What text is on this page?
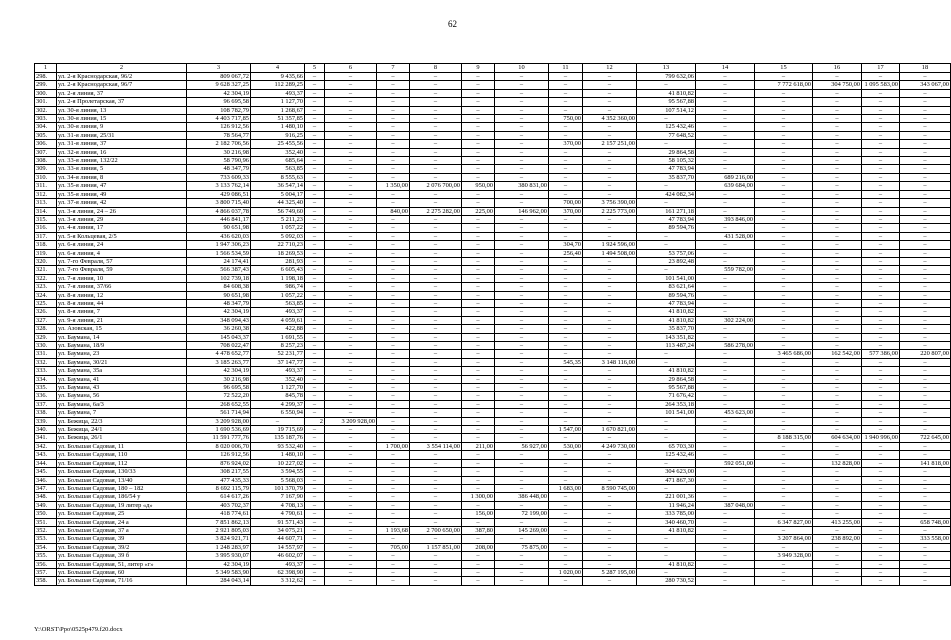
62
1	2	3	4	5	6	7	8	9	10	11	12	13	14	15	16	17	18
298.	ул. 2-я Краснодарская, 96/2	809 067,72	9 435,66	–	–	–	–	–	–	–	–	799 632,06	–	–	–	–	–
299.	ул. 2-я Краснодарская, 96/7	9 628 327,25	112 289,25	–	–	–	–	–	–	–	–	–	–	7 772 618,00	304 750,00	1 095 583,00	343 067,00
300.	ул. 2-я линия, 37	42 304,19	493,37	–	–	–	–	–	–	–	–	41 810,82	–	–	–	–	–
301.	ул. 2-я Пролетарская, 37	96 695,58	1 127,70	–	–	–	–	–	–	–	–	95 567,88	–	–	–	–	–
302.	ул. 30-я линия, 13	108 782,79	1 268,67	–	–	–	–	–	–	–	–	107 514,12	–	–	–	–	–
303.	ул. 30-я линия, 15	4 403 717,85	51 357,85	–	–	–	–	–	–	750,00	4 352 360,00	–	–	–	–	–	–
304.	ул. 30-я линия, 9	126 912,56	1 480,10	–	–	–	–	–	–	–	–	125 432,46	–	–	–	–	–
305.	ул. 31-я линия, 25/31	78 564,77	916,25	–	–	–	–	–	–	–	–	77 648,52	–	–	–	–	–
306.	ул. 31-я линия, 37	2 182 706,56	25 455,56	–	–	–	–	–	–	370,00	2 157 251,00	–	–	–	–	–	–
307.	ул. 32-я линия, 16	30 216,98	352,40	–	–	–	–	–	–	–	–	29 864,58	–	–	–	–	–
308.	ул. 33-я линия, 132/22	58 790,96	685,64	–	–	–	–	–	–	–	–	58 105,32	–	–	–	–	–
309.	ул. 33-я линия, 5	48 347,79	563,85	–	–	–	–	–	–	–	–	47 783,94	–	–	–	–	–
310.	ул. 34-я линия, 8	733 609,33	8 555,63	–	–	–	–	–	–	–	–	35 837,70	689 216,00	–	–	–	–
311.	ул. 35-я линия, 47	3 133 762,14	36 547,14	–	–	1 350,00	2 076 700,00	950,00	380 831,00	–	–	–	639 684,00	–	–	–	–
312.	ул. 35-я линия, 49	429 086,51	5 004,17	–	–	–	–	–	–	–	–	424 082,34	–	–	–	–	–
313.	ул. 37-я линия, 42	3 800 715,40	44 325,40	–	–	–	–	–	–	700,00	3 756 390,00	–	–	–	–	–	–
314.	ул. 3-я линия, 24 – 26	4 866 037,78	56 749,60	–	–	840,00	2 275 282,00	225,00	146 962,00	370,00	2 225 773,00	161 271,18	–	–	–	–	–
315.	ул. 3-я линия, 29	446 841,17	5 211,23	–	–	–	–	–	–	–	–	47 783,94	393 846,00	–	–	–	–
316.	ул. 4-я линия, 17	90 651,98	1 057,22	–	–	–	–	–	–	–	–	89 594,76	–	–	–	–	–
317.	ул. 5-я Кольцевая, 2/5	436 620,03	5 092,03	–	–	–	–	–	–	–	–	–	431 528,00	–	–	–	–
318.	ул. 6-я линия, 24	1 947 306,23	22 710,23	–	–	–	–	–	–	304,70	1 924 596,00	–	–	–	–	–	–
319.	ул. 6-я линия, 4	1 566 534,59	18 269,53	–	–	–	–	–	–	256,40	1 494 508,00	53 757,06	–	–	–	–	–
320.	ул. 7-го Февраля, 57	24 174,41	281,93	–	–	–	–	–	–	–	–	23 892,48	–	–	–	–	–
321.	ул. 7-го Февраля, 59	566 387,43	6 605,43	–	–	–	–	–	–	–	–	–	559 782,00	–	–	–	–
322.	ул. 7-я линия, 10	102 739,18	1 198,18	–	–	–	–	–	–	–	–	101 541,00	–	–	–	–	–
323.	ул. 7-я линия, 37/66	84 608,38	986,74	–	–	–	–	–	–	–	–	83 621,64	–	–	–	–	–
324.	ул. 8-я линия, 12	90 651,98	1 057,22	–	–	–	–	–	–	–	–	89 594,76	–	–	–	–	–
325.	ул. 8-я линия, 44	48 347,79	563,85	–	–	–	–	–	–	–	–	47 783,94	–	–	–	–	–
326.	ул. 8-я линия, 7	42 304,19	493,37	–	–	–	–	–	–	–	–	41 810,82	–	–	–	–	–
327.	ул. 9-я линия, 21	348 094,43	4 059,61	–	–	–	–	–	–	–	–	41 810,82	302 224,00	–	–	–	–
328.	ул. Азовская, 15	36 260,38	422,88	–	–	–	–	–	–	–	–	35 837,70	–	–	–	–	–
329.	ул. Баумана, 14	145 043,37	1 691,55	–	–	–	–	–	–	–	–	143 351,82	–	–	–	–	–
330.	ул. Баумана, 18/9	708 022,47	8 257,23	–	–	–	–	–	–	–	–	113 487,24	586 278,00	–	–	–	–
331.	ул. Баумана, 23	4 478 652,77	52 231,77	–	–	–	–	–	–	–	–	–	–	3 465 686,00	162 542,00	577 386,00	220 807,00
332.	ул. Баумана, 30/21	3 185 263,77	37 147,77	–	–	–	–	–	–	545,35	3 148 116,00	–	–	–	–	–	–
333.	ул. Баумана, 35а	42 304,19	493,37	–	–	–	–	–	–	–	–	41 810,82	–	–	–	–	–
334.	ул. Баумана, 41	30 216,98	352,40	–	–	–	–	–	–	–	–	29 864,58	–	–	–	–	–
335.	ул. Баумана, 43	96 695,58	1 127,70	–	–	–	–	–	–	–	–	95 567,88	–	–	–	–	–
336.	ул. Баумана, 56	72 522,20	845,78	–	–	–	–	–	–	–	–	71 676,42	–	–	–	–	–
337.	ул. Баумана, 6а/3	268 652,55	4 299,37	–	–	–	–	–	–	–	–	264 353,18	–	–	–	–	–
338.	ул. Баумана, 7	561 714,94	6 550,94	–	–	–	–	–	–	–	–	101 541,00	453 623,00	–	–	–	–
339.	ул. Бежица, 22/3	3 209 928,00	–	2	3 209 928,00	–	–	–	–	–	–	–	–	–	–	–	–
340.	ул. Бежица, 24/1	1 690 536,69	19 715,69	–	–	–	–	–	–	1 547,00	1 670 821,00	–	–	–	–	–	–
341.	ул. Бежица, 26/1	11 591 777,76	135 187,76	–	–	–	–	–	–	–	–	–	–	8 188 315,00	604 634,00	1 940 996,00	722 645,00
342.	ул. Большая Садовая, 11	8 020 006,70	93 532,40	–	–	1 700,00	3 554 114,00	211,00	56 927,00	530,00	4 249 730,00	65 703,30	–	–	–	–	–
343.	ул. Большая Садовая, 110	126 912,56	1 480,10	–	–	–	–	–	–	–	–	125 432,46	–	–	–	–	–
344.	ул. Большая Садовая, 112	876 924,02	10 227,02	–	–	–	–	–	–	–	–	–	592 051,00	–	132 828,00	–	141 818,00
345.	ул. Большая Садовая, 130/33	308 217,55	3 594,55	–	–	–	–	–	–	–	–	304 623,00	–	–	–	–	–
346.	ул. Большая Садовая, 13/40	477 435,33	5 568,03	–	–	–	–	–	–	–	–	471 867,30	–	–	–	–	–
347.	ул. Большая Садовая, 180 – 182	8 692 115,79	101 370,79	–	–	–	–	–	–	1 683,00	8 590 745,00	–	–	–	–	–	–
348.	ул. Большая Садовая, 186/54 у	614 617,26	7 167,90	–	–	–	–	1 300,00	386 448,00	–	–	221 001,36	–	–	–	–	–
349.	ул. Большая Садовая, 19 литер «д»	403 702,37	4 708,13	–	–	–	–	–	–	–	–	11 946,24	387 048,00	–	–	–	–
350.	ул. Большая Садовая, 25	418 774,61	4 790,61	–	–	–	–	156,00	72 199,00	–	–	333 785,00	–	–	–	–	–
351.	ул. Большая Садовая, 24 а	7 851 862,13	91 571,43	–	–	–	–	–	–	–	–	340 460,70	–	6 347 827,00	413 255,00	–	658 748,00
352.	ул. Большая Садовая, 37 а	2 921 805,03	34 075,21	–	–	1 193,68	2 700 650,00	387,80	145 269,00	–	–	41 810,82	–	–	–	–	–
353.	ул. Большая Садовая, 39	3 824 921,71	44 607,71	–	–	–	–	–	–	–	–	–	–	3 207 864,00	238 892,00	–	333 558,00
354.	ул. Большая Садовая, 39/2	1 248 283,97	14 557,97	–	–	705,00	1 157 851,00	208,00	75 875,00	–	–	–	–	–	–	–	–
355.	ул. Большая Садовая, 39 б	3 995 930,07	46 602,07	–	–	–	–	–	–	–	–	–	–	3 949 328,00	–	–	–
356.	ул. Большая Садовая, 51, литер «г»	42 304,19	493,37	–	–	–	–	–	–	–	–	41 810,82	–	–	–	–	–
357.	ул. Большая Садовая, 60	5 349 583,90	62 398,90	–	–	–	–	–	–	1 020,00	5 287 195,00	–	–	–	–	–	–
358.	ул. Большая Садовая, 71/16	284 043,14	3 312,62	–	–	–	–	–	–	–	–	280 730,52	–	–	–	–	–
Y:\ORST\Ppo\0525p479.f20.docx
